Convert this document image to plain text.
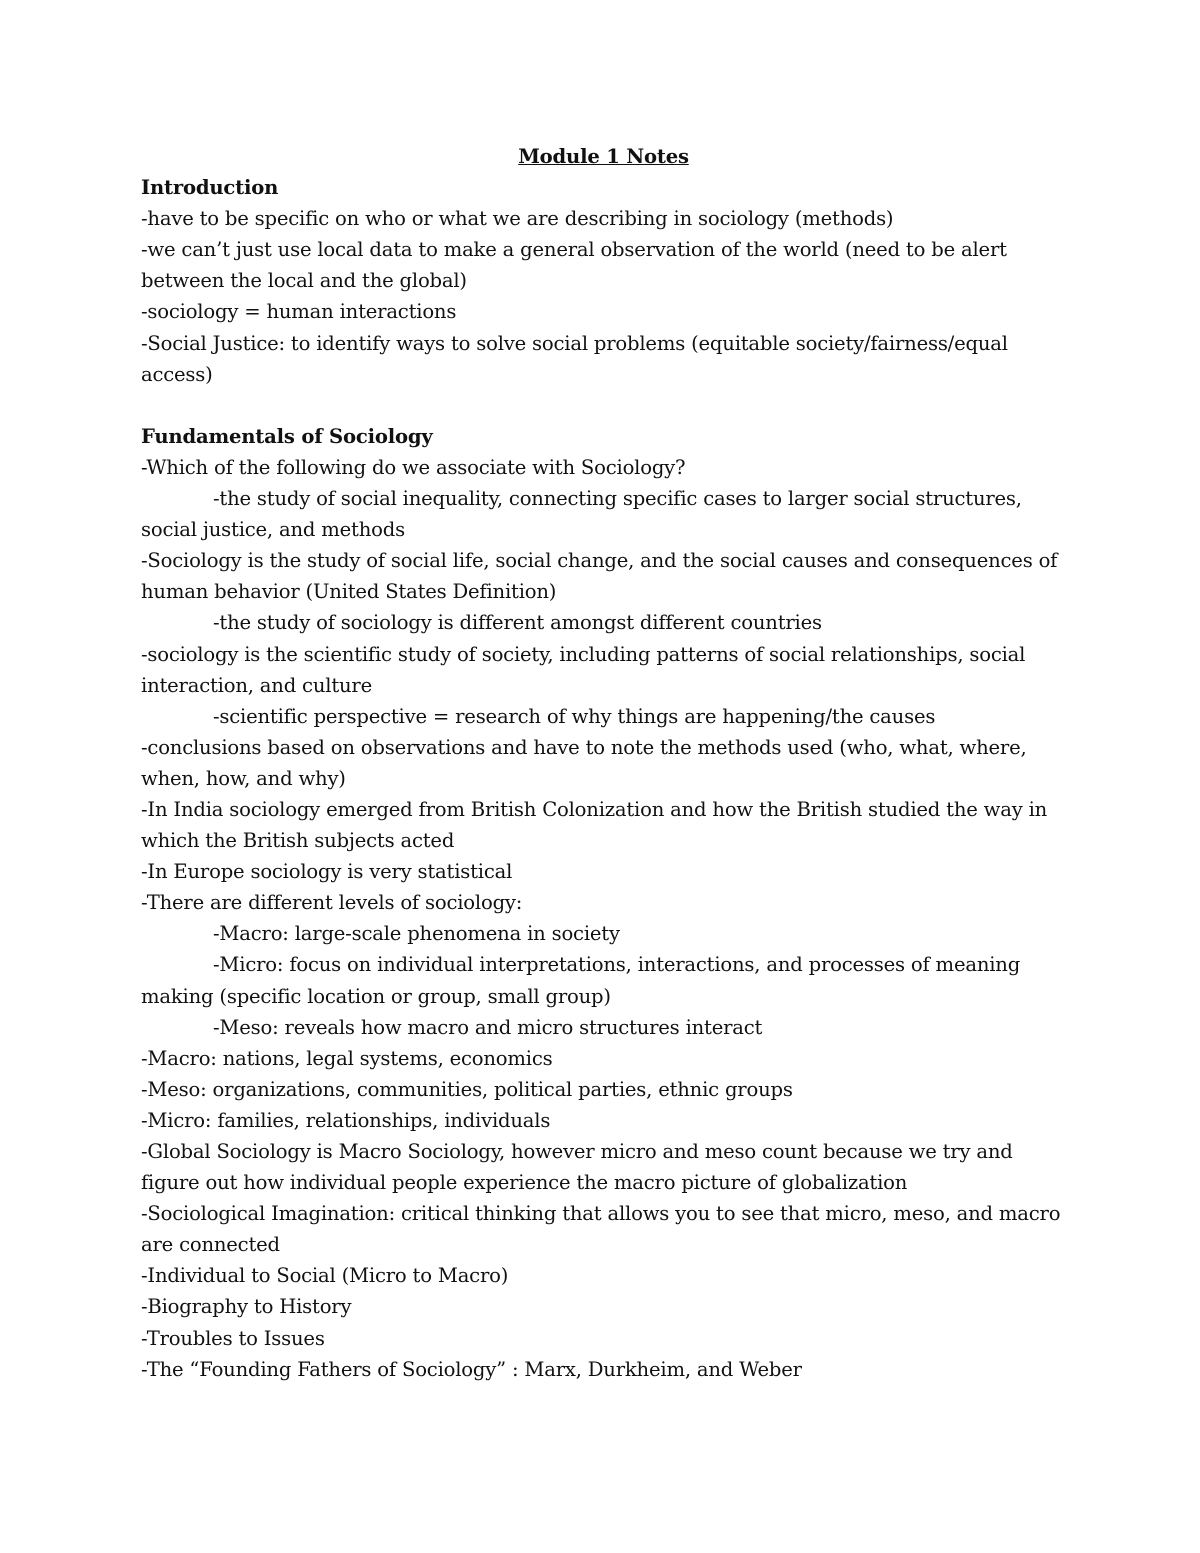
Module 1 Notes
Introduction
-have to be specific on who or what we are describing in sociology (methods)
-we can’t just use local data to make a general observation of the world (need to be alert between the local and the global)
-sociology = human interactions
-Social Justice: to identify ways to solve social problems (equitable society/fairness/equal access)
Fundamentals of Sociology
-Which of the following do we associate with Sociology?
-the study of social inequality, connecting specific cases to larger social structures, social justice, and methods
-Sociology is the study of social life, social change, and the social causes and consequences of human behavior (United States Definition)
-the study of sociology is different amongst different countries
-sociology is the scientific study of society, including patterns of social relationships, social interaction, and culture
-scientific perspective = research of why things are happening/the causes
-conclusions based on observations and have to note the methods used (who, what, where, when, how, and why)
-In India sociology emerged from British Colonization and how the British studied the way in which the British subjects acted
-In Europe sociology is very statistical
-There are different levels of sociology:
-Macro: large-scale phenomena in society
-Micro: focus on individual interpretations, interactions, and processes of meaning making (specific location or group, small group)
-Meso: reveals how macro and micro structures interact
-Macro: nations, legal systems, economics
-Meso: organizations, communities, political parties, ethnic groups
-Micro: families, relationships, individuals
-Global Sociology is Macro Sociology, however micro and meso count because we try and figure out how individual people experience the macro picture of globalization
-Sociological Imagination: critical thinking that allows you to see that micro, meso, and macro are connected
-Individual to Social (Micro to Macro)
-Biography to History
-Troubles to Issues
-The “Founding Fathers of Sociology” : Marx, Durkheim, and Weber
